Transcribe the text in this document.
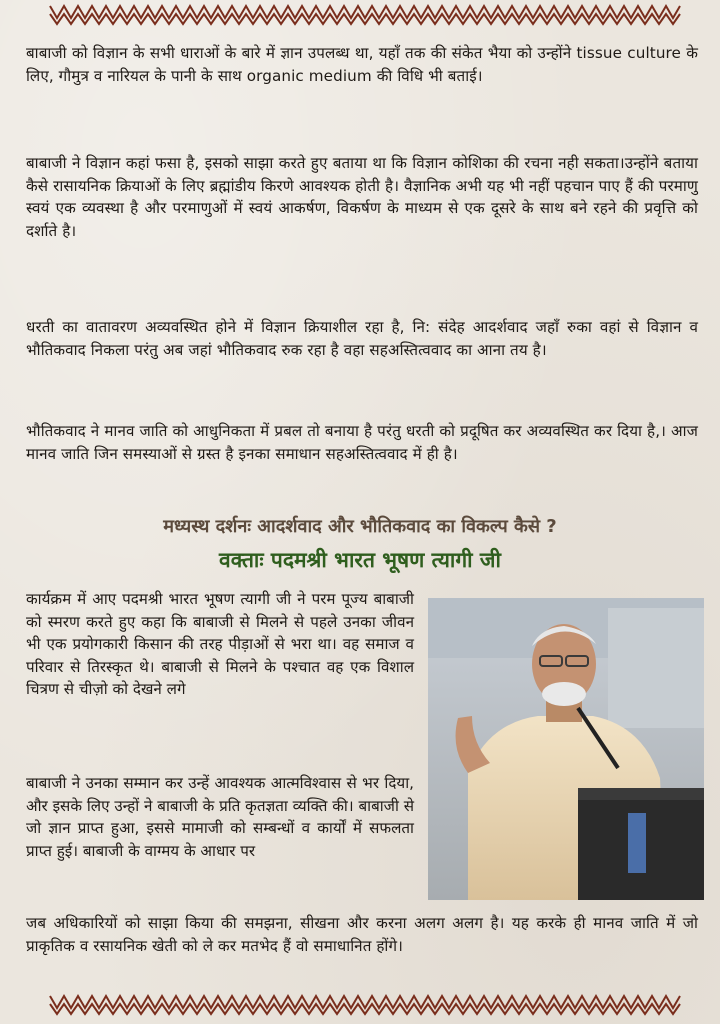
बाबाजी को विज्ञान के सभी धाराओं के बारे में ज्ञान उपलब्ध था, यहाँ तक की संकेत भैया को उन्होंने tissue culture के लिए, गौमुत्र व नारियल के पानी के साथ organic medium की विधि भी बताई।

बाबाजी ने विज्ञान कहां फसा है, इसको साझा करते हुए बताया था कि विज्ञान कोशिका की रचना नही सकता।उन्होंने बताया कैसे रासायनिक क्रियाओं के लिए ब्रह्मांडीय किरणे आवश्यक होती है। वैज्ञानिक अभी यह भी नहीं पहचान पाए हैं की परमाणु स्वयं एक व्यवस्था है और परमाणुओं में स्वयं आकर्षण, विकर्षण के माध्यम से एक दूसरे के साथ बने रहने की प्रवृत्ति को दर्शाते है।

धरती का वातावरण अव्यवस्थित होने में विज्ञान क्रियाशील रहा है, नि: संदेह आदर्शवाद जहाँ रुका वहां से विज्ञान व भौतिकवाद निकला परंतु अब जहां भौतिकवाद रुक रहा है वहा सहअस्तित्ववाद का आना तय है।

भौतिकवाद ने मानव जाति को आधुनिकता में प्रबल तो बनाया है परंतु धरती को प्रदूषित कर अव्यवस्थित कर दिया है,। आज मानव जाति जिन समस्याओं से ग्रस्त है इनका समाधान सहअस्तित्ववाद में ही है।

मध्यस्थ दर्शनः आदर्शवाद और भौतिकवाद का विकल्प कैसे ?
वक्ताः पदमश्री भारत भूषण त्यागी जी

कार्यक्रम में आए पदमश्री भारत भूषण त्यागी जी ने परम पूज्य बाबाजी को स्मरण करते हुए कहा कि बाबाजी से मिलने से पहले उनका जीवन भी एक प्रयोगकारी किसान की तरह पीड़ाओं से भरा था। वह समाज व परिवार से तिरस्कृत थे। बाबाजी से मिलने के पश्चात वह एक विशाल चित्रण से चीज़ो को देखने लगे

बाबाजी ने उनका सम्मान कर उन्हें आवश्यक आत्मविश्वास से भर दिया, और इसके लिए उन्हों ने बाबाजी के प्रति कृतज्ञता व्यक्ति की। बाबाजी से जो ज्ञान प्राप्त हुआ, इससे मामाजी को सम्बन्धों व कार्यों में सफलता प्राप्त हुई। बाबाजी के वाग्मय के आधार पर

जब अधिकारियों को साझा किया की समझना, सीखना और करना अलग अलग है। यह करके ही मानव जाति में जो प्राकृतिक व रसायनिक खेती को ले कर मतभेद हैं वो समाधानित होंगे।
